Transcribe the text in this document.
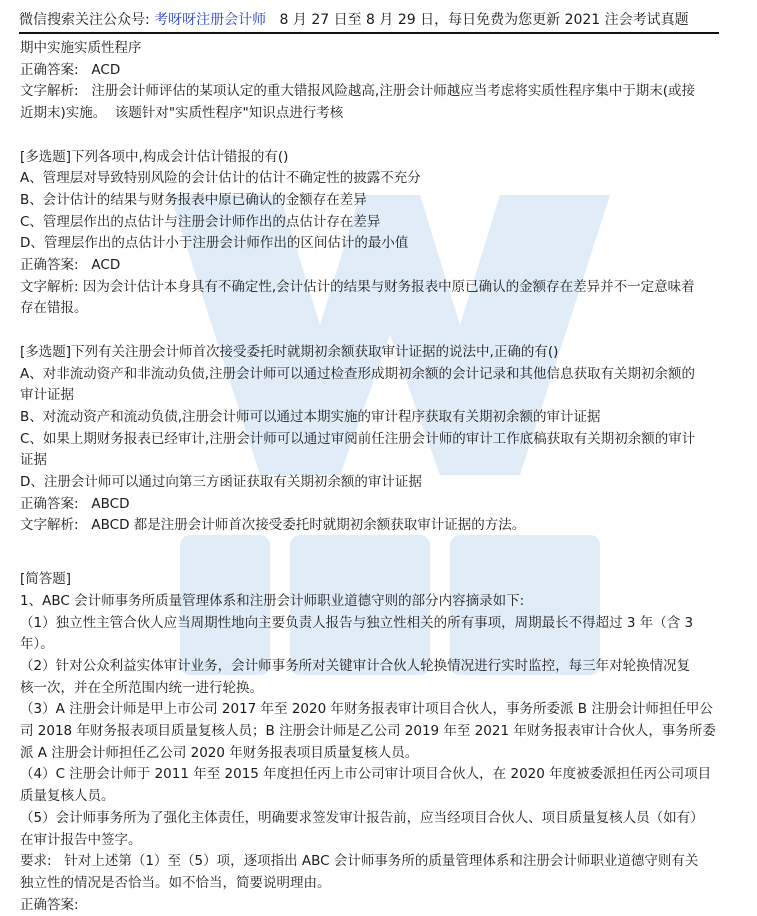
微信搜索关注公众号: 考呀呀注册会计师   8 月 27 日至 8 月 29 日，每日免费为您更新 2021 注会考试真题

期中实施实质性程序

正确答案:   ACD

文字解析:   注册会计师评估的某项认定的重大错报风险越高,注册会计师越应当考虑将实质性程序集中于期末(或接

近期末)实施。  该题针对"实质性程序"知识点进行考核

[多选题]下列各项中,构成会计估计错报的有()

A、管理层对导致特别风险的会计估计的估计不确定性的披露不充分

B、会计估计的结果与财务报表中原已确认的金额存在差异

C、管理层作出的点估计与注册会计师作出的点估计存在差异

D、管理层作出的点估计小于注册会计师作出的区间估计的最小值

正确答案:   ACD

文字解析: 因为会计估计本身具有不确定性,会计估计的结果与财务报表中原已确认的金额存在差异并不一定意味着

存在错报。

[多选题]下列有关注册会计师首次接受委托时就期初余额获取审计证据的说法中,正确的有()

A、对非流动资产和非流动负债,注册会计师可以通过检查形成期初余额的会计记录和其他信息获取有关期初余额的

审计证据

B、对流动资产和流动负债,注册会计师可以通过本期实施的审计程序获取有关期初余额的审计证据

C、如果上期财务报表已经审计,注册会计师可以通过审阅前任注册会计师的审计工作底稿获取有关期初余额的审计

证据

D、注册会计师可以通过向第三方函证获取有关期初余额的审计证据

正确答案:   ABCD

文字解析:   ABCD 都是注册会计师首次接受委托时就期初余额获取审计证据的方法。

[简答题]

1、ABC 会计师事务所质量管理体系和注册会计师职业道德守则的部分内容摘录如下:

（1）独立性主管合伙人应当周期性地向主要负责人报告与独立性相关的所有事项，周期最长不得超过 3 年（含 3

年）。

（2）针对公众利益实体审计业务，会计师事务所对关键审计合伙人轮换情况进行实时监控，每三年对轮换情况复

核一次，并在全所范围内统一进行轮换。

（3）A 注册会计师是甲上市公司 2017 年至 2020 年财务报表审计项目合伙人，事务所委派 B 注册会计师担任甲公

司 2018 年财务报表项目质量复核人员；B 注册会计师是乙公司 2019 年至 2021 年财务报表审计合伙人，事务所委

派 A 注册会计师担任乙公司 2020 年财务报表项目质量复核人员。

（4）C 注册会计师于 2011 年至 2015 年度担任丙上市公司审计项目合伙人，在 2020 年度被委派担任丙公司项目

质量复核人员。

（5）会计师事务所为了强化主体责任，明确要求签发审计报告前，应当经项目合伙人、项目质量复核人员（如有）

在审计报告中签字。

要求:   针对上述第（1）至（5）项，逐项指出 ABC 会计师事务所的质量管理体系和注册会计师职业道德守则有关

独立性的情况是否恰当。如不恰当，简要说明理由。

正确答案:
